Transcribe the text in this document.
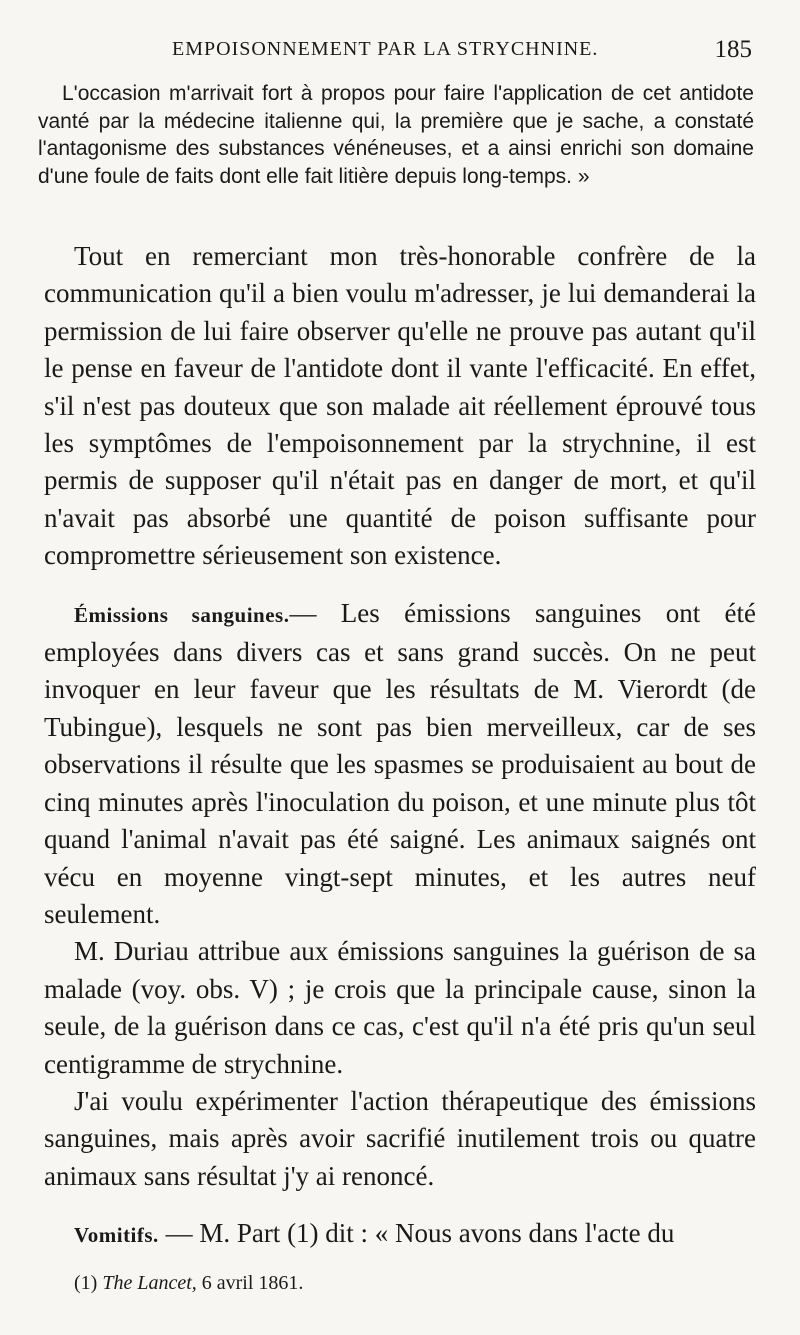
EMPOISONNEMENT PAR LA STRYCHNINE.	185

L'occasion m'arrivait fort à propos pour faire l'application de cet antidote vanté par la médecine italienne qui, la première que je sache, a constaté l'antagonisme des substances vénéneuses, et a ainsi enrichi son domaine d'une foule de faits dont elle fait litière depuis long-temps. »

Tout en remerciant mon très-honorable confrère de la communication qu'il a bien voulu m'adresser, je lui demanderai la permission de lui faire observer qu'elle ne prouve pas autant qu'il le pense en faveur de l'antidote dont il vante l'efficacité. En effet, s'il n'est pas douteux que son malade ait réellement éprouvé tous les symptômes de l'empoisonnement par la strychnine, il est permis de supposer qu'il n'était pas en danger de mort, et qu'il n'avait pas absorbé une quantité de poison suffisante pour compromettre sérieusement son existence.

Émissions sanguines.— Les émissions sanguines ont été employées dans divers cas et sans grand succès. On ne peut invoquer en leur faveur que les résultats de M. Vierordt (de Tubingue), lesquels ne sont pas bien merveilleux, car de ses observations il résulte que les spasmes se produisaient au bout de cinq minutes après l'inoculation du poison, et une minute plus tôt quand l'animal n'avait pas été saigné. Les animaux saignés ont vécu en moyenne vingt-sept minutes, et les autres neuf seulement.

M. Duriau attribue aux émissions sanguines la guérison de sa malade (voy. obs. V) ; je crois que la principale cause, sinon la seule, de la guérison dans ce cas, c'est qu'il n'a été pris qu'un seul centigramme de strychnine.

J'ai voulu expérimenter l'action thérapeutique des émissions sanguines, mais après avoir sacrifié inutilement trois ou quatre animaux sans résultat j'y ai renoncé.

Vomitifs. — M. Part (1) dit : « Nous avons dans l'acte du

(1) The Lancet, 6 avril 1861.
